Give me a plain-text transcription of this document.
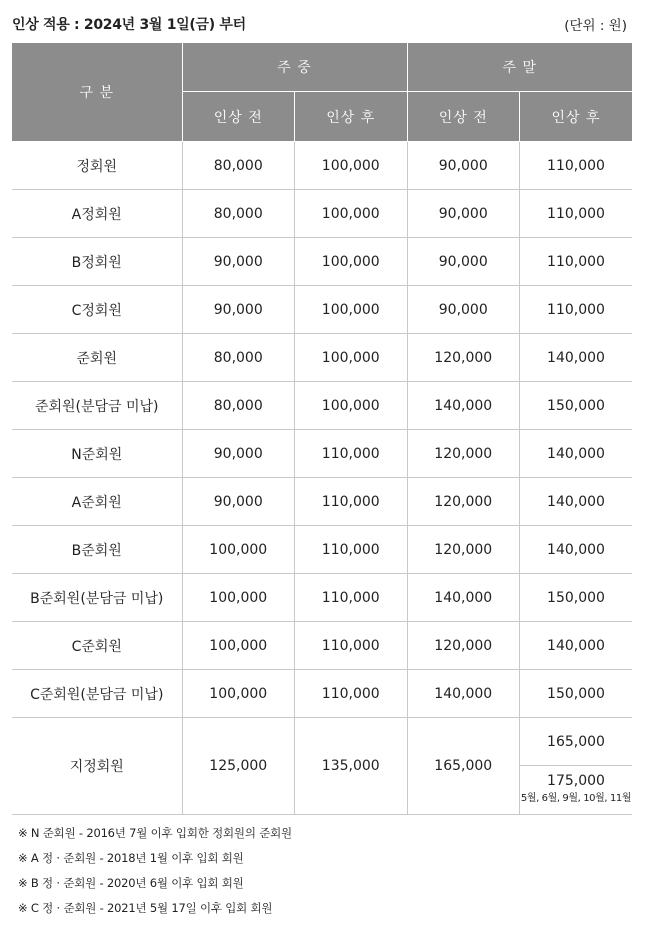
인상 적용 : 2024년 3월 1일(금) 부터	(단위 : 원)
구 분	주 중		주 말	
	인상 전	인상 후	인상 전	인상 후
정회원	80,000	100,000	90,000	110,000
A정회원	80,000	100,000	90,000	110,000
B정회원	90,000	100,000	90,000	110,000
C정회원	90,000	100,000	90,000	110,000
준회원	80,000	100,000	120,000	140,000
준회원(분담금 미납)	80,000	100,000	140,000	150,000
N준회원	90,000	110,000	120,000	140,000
A준회원	90,000	110,000	120,000	140,000
B준회원	100,000	110,000	120,000	140,000
B준회원(분담금 미납)	100,000	110,000	140,000	150,000
C준회원	100,000	110,000	120,000	140,000
C준회원(분담금 미납)	100,000	110,000	140,000	150,000
지정회원	125,000	135,000	165,000	165,000
				175,000
5월, 6월, 9월, 10월, 11월
※ N 준회원 - 2016년 7월 이후 입회한 정회원의 준회원
※ A 정 · 준회원 - 2018년 1월 이후 입회 회원
※ B 정 · 준회원 - 2020년 6월 이후 입회 회원
※ C 정 · 준회원 - 2021년 5월 17일 이후 입회 회원
